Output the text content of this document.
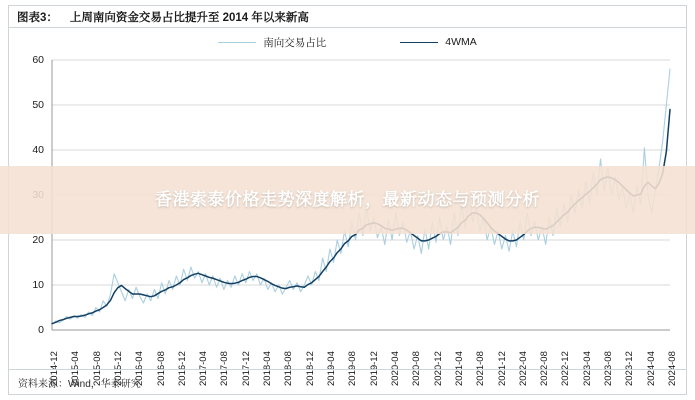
图表3： 上周南向资金交易占比提升至 2014 年以来新高
南向交易占比	4WMA
0
10
20
40
50
60
2014-12 2015-04 2015-08 2015-12 2016-04 2016-08 2016-12 2017-04 2017-08 2017-12 2018-04 2018-08 2018-12 2019-04 2019-08 2019-12 2020-04 2020-08 2020-12 2021-04 2021-08 2021-12 2022-04 2022-08 2022-12 2023-04 2023-08 2023-12 2024-04 2024-08
香港索泰价格走势深度解析，最新动态与预测分析
资料来源：Wind，华泰研究
